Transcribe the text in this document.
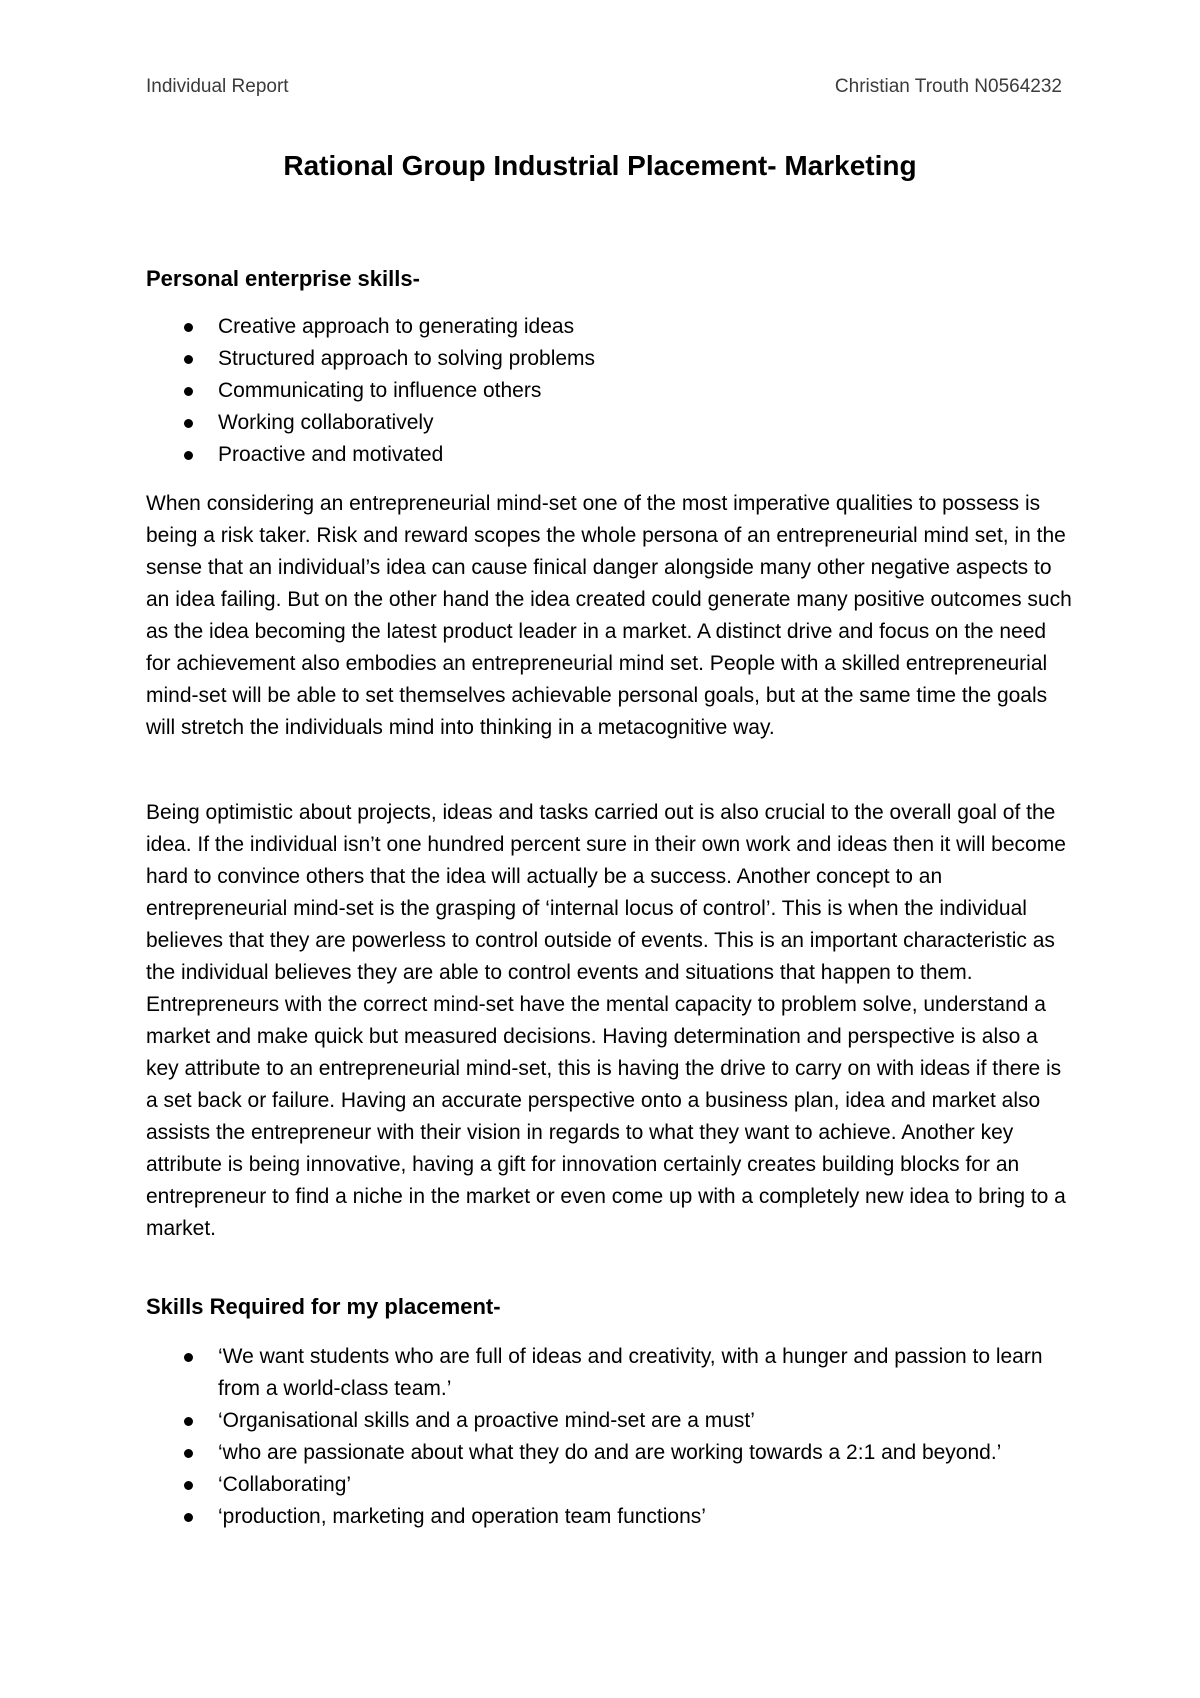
Individual Report	Christian Trouth N0564232
Rational Group Industrial Placement- Marketing
Personal enterprise skills-
Creative approach to generating ideas
Structured approach to solving problems
Communicating to influence others
Working collaboratively
Proactive and motivated

When considering an entrepreneurial mind-set one of the most imperative qualities to possess is being a risk taker. Risk and reward scopes the whole persona of an entrepreneurial mind set, in the sense that an individual’s idea can cause finical danger alongside many other negative aspects to an idea failing. But on the other hand the idea created could generate many positive outcomes such as the idea becoming the latest product leader in a market. A distinct drive and focus on the need for achievement also embodies an entrepreneurial mind set. People with a skilled entrepreneurial mind-set will be able to set themselves achievable personal goals, but at the same time the goals will stretch the individuals mind into thinking in a metacognitive way.

Being optimistic about projects, ideas and tasks carried out is also crucial to the overall goal of the idea. If the individual isn’t one hundred percent sure in their own work and ideas then it will become hard to convince others that the idea will actually be a success. Another concept to an entrepreneurial mind-set is the grasping of ‘internal locus of control’. This is when the individual believes that they are powerless to control outside of events. This is an important characteristic as the individual believes they are able to control events and situations that happen to them. Entrepreneurs with the correct mind-set have the mental capacity to problem solve, understand a market and make quick but measured decisions. Having determination and perspective is also a key attribute to an entrepreneurial mind-set, this is having the drive to carry on with ideas if there is a set back or failure. Having an accurate perspective onto a business plan, idea and market also assists the entrepreneur with their vision in regards to what they want to achieve. Another key attribute is being innovative, having a gift for innovation certainly creates building blocks for an entrepreneur to find a niche in the market or even come up with a completely new idea to bring to a market.

Skills Required for my placement-
‘We want students who are full of ideas and creativity, with a hunger and passion to learn from a world-class team.’
‘Organisational skills and a proactive mind-set are a must’
‘who are passionate about what they do and are working towards a 2:1 and beyond.’
‘Collaborating’
‘production, marketing and operation team functions’
